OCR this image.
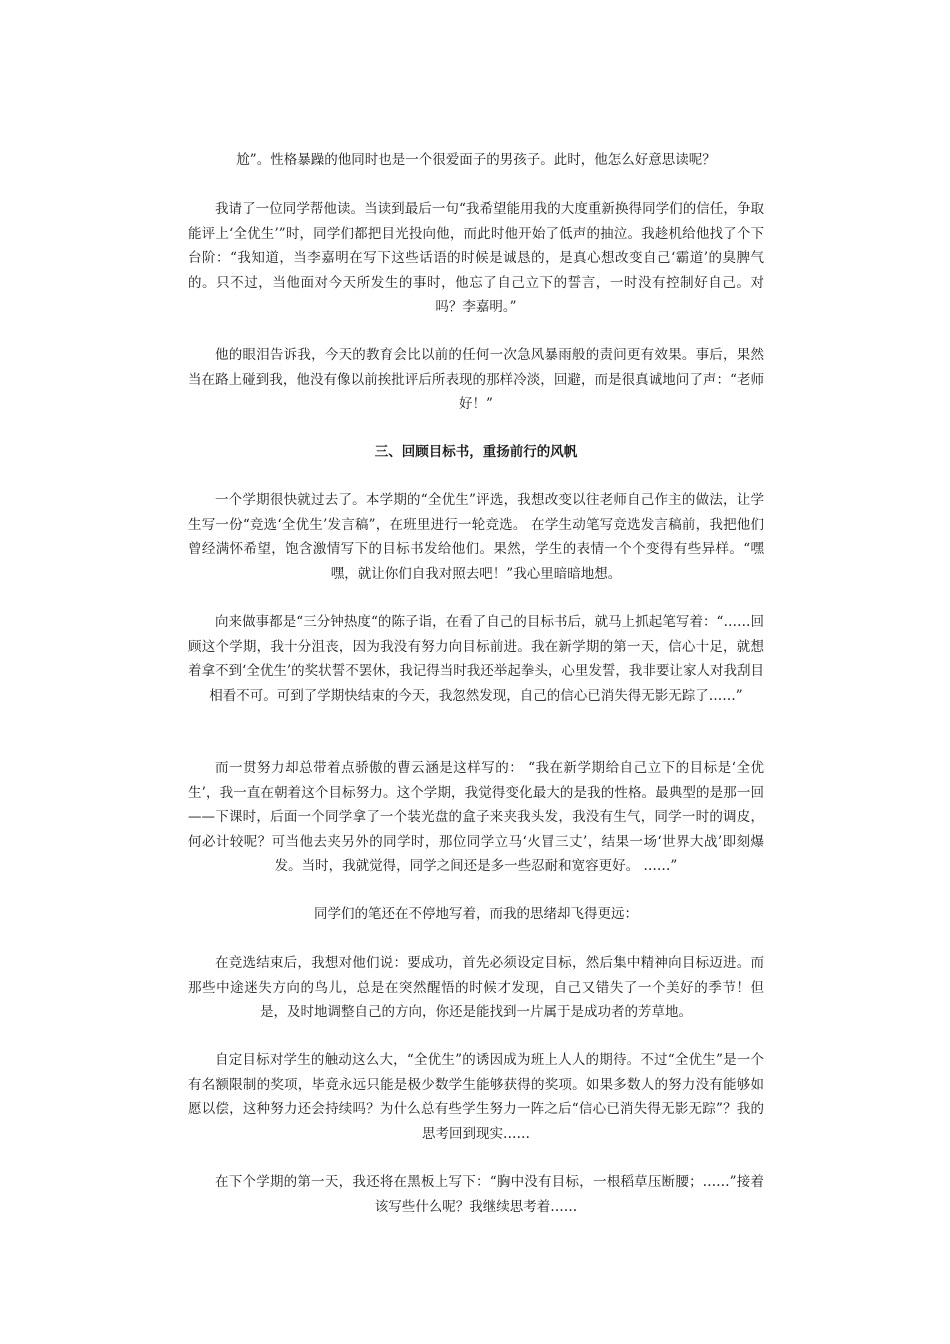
尬”。性格暴躁的他同时也是一个很爱面子的男孩子。此时，他怎么好意思读呢？

我请了一位同学帮他读。当读到最后一句“我希望能用我的大度重新换得同学们的信任，争取能评上‘全优生’”时，同学们都把目光投向他，而此时他开始了低声的抽泣。我趁机给他找了个下台阶：“我知道，当李嘉明在写下这些话语的时候是诚恳的，是真心想改变自己‘霸道’的臭脾气的。只不过，当他面对今天所发生的事时，他忘了自己立下的誓言，一时没有控制好自己。对吗？李嘉明。”

他的眼泪告诉我，今天的教育会比以前的任何一次急风暴雨般的责问更有效果。事后，果然当在路上碰到我，他没有像以前挨批评后所表现的那样冷淡，回避，而是很真诚地问了声：“老师好！”

三、回顾目标书，重扬前行的风帆

一个学期很快就过去了。本学期的“全优生”评选，我想改变以往老师自己作主的做法，让学生写一份“竞选‘全优生’发言稿”，在班里进行一轮竞选。 在学生动笔写竞选发言稿前，我把他们曾经满怀希望，饱含激情写下的目标书发给他们。果然，学生的表情一个个变得有些异样。“嘿嘿，就让你们自我对照去吧！”我心里暗暗地想。

向来做事都是“三分钟热度“的陈子诣，在看了自己的目标书后，就马上抓起笔写着：“……回顾这个学期，我十分沮丧，因为我没有努力向目标前进。我在新学期的第一天，信心十足，就想着拿不到‘全优生’的奖状誓不罢休，我记得当时我还举起拳头，心里发誓，我非要让家人对我刮目相看不可。可到了学期快结束的今天，我忽然发现，自己的信心已消失得无影无踪了……”

而一贯努力却总带着点骄傲的曹云涵是这样写的： “我在新学期给自己立下的目标是‘全优生’，我一直在朝着这个目标努力。这个学期，我觉得变化最大的是我的性格。最典型的是那一回——下课时，后面一个同学拿了一个装光盘的盒子来夹我头发，我没有生气，同学一时的调皮，何必计较呢？可当他去夹另外的同学时，那位同学立马‘火冒三丈’，结果一场‘世界大战’即刻爆发。当时，我就觉得，同学之间还是多一些忍耐和宽容更好。 ……”

同学们的笔还在不停地写着，而我的思绪却飞得更远：

在竞选结束后，我想对他们说：要成功，首先必须设定目标，然后集中精神向目标迈进。而那些中途迷失方向的鸟儿，总是在突然醒悟的时候才发现，自己又错失了一个美好的季节！但是，及时地调整自己的方向，你还是能找到一片属于是成功者的芳草地。

自定目标对学生的触动这么大，“全优生”的诱因成为班上人人的期待。不过“全优生”是一个有名额限制的奖项，毕竟永远只能是极少数学生能够获得的奖项。如果多数人的努力没有能够如愿以偿，这种努力还会持续吗？为什么总有些学生努力一阵之后“信心已消失得无影无踪”？我的思考回到现实……

在下个学期的第一天，我还将在黑板上写下：“胸中没有目标，一根稻草压断腰；……”接着该写些什么呢？我继续思考着……
